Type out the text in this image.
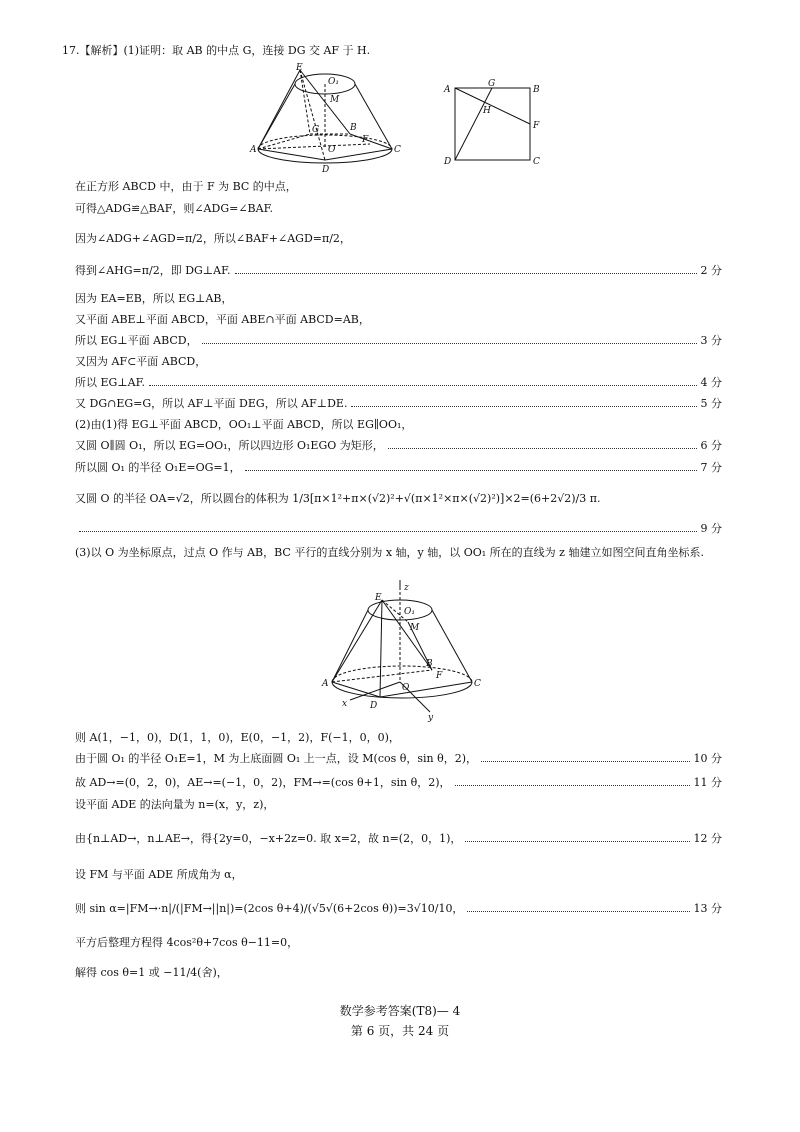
17.【解析】(1)证明：取 AB 的中点 G，连接 DG 交 AF 于 H.
E
O₁
M
G	B
O
A	C
D
F
A
G
B
H
F
D	C
在正方形 ABCD 中，由于 F 为 BC 的中点，
可得△ADG≌△BAF，则∠ADG=∠BAF.
因为∠ADG+∠AGD=π/2，所以∠BAF+∠AGD=π/2，
得到∠AHG=π/2，即 DG⊥AF.	2 分
因为 EA=EB，所以 EG⊥AB，
又平面 ABE⊥平面 ABCD，平面 ABE∩平面 ABCD=AB，
所以 EG⊥平面 ABCD，	3 分
又因为 AF⊂平面 ABCD，
所以 EG⊥AF.	4 分
又 DG∩EG=G，所以 AF⊥平面 DEG，所以 AF⊥DE.	5 分
(2)由(1)得 EG⊥平面 ABCD，OO₁⊥平面 ABCD，所以 EG∥OO₁，
又圆 O∥圆 O₁，所以 EG=OO₁，所以四边形 O₁EGO 为矩形，	6 分
所以圆 O₁ 的半径 O₁E=OG=1，	7 分
又圆 O 的半径 OA=√2，所以圆台的体积为 1/3[π×1²+π×(√2)²+√(π×1²×π×(√2)²)]×2=(6+2√2)/3 π.
9 分
(3)以 O 为坐标原点，过点 O 作与 AB，BC 平行的直线分别为 x 轴，y 轴，以 OO₁ 所在的直线为 z 轴建立如图空间直角坐标系.
z
E
O₁
M
B
F
O
A	C
D
x
y
则 A(1，−1，0)，D(1，1，0)，E(0，−1，2)，F(−1，0，0)，
由于圆 O₁ 的半径 O₁E=1，M 为上底面圆 O₁ 上一点，设 M(cos θ，sin θ，2)，	10 分
故 AD→=(0，2，0)，AE→=(−1，0，2)，FM→=(cos θ+1，sin θ，2)，	11 分
设平面 ADE 的法向量为 n=(x，y，z)，
由{n⊥AD→，n⊥AE→，得{2y=0，−x+2z=0. 取 x=2，故 n=(2，0，1)，	12 分
设 FM 与平面 ADE 所成角为 α，
则 sin α=|FM→·n|/(|FM→||n|)=(2cos θ+4)/(√5√(6+2cos θ))=3√10/10，	13 分
平方后整理方程得 4cos²θ+7cos θ−11=0，
解得 cos θ=1 或 −11/4(舍)，
数学参考答案(T8)— 4
第 6 页，共 24 页
